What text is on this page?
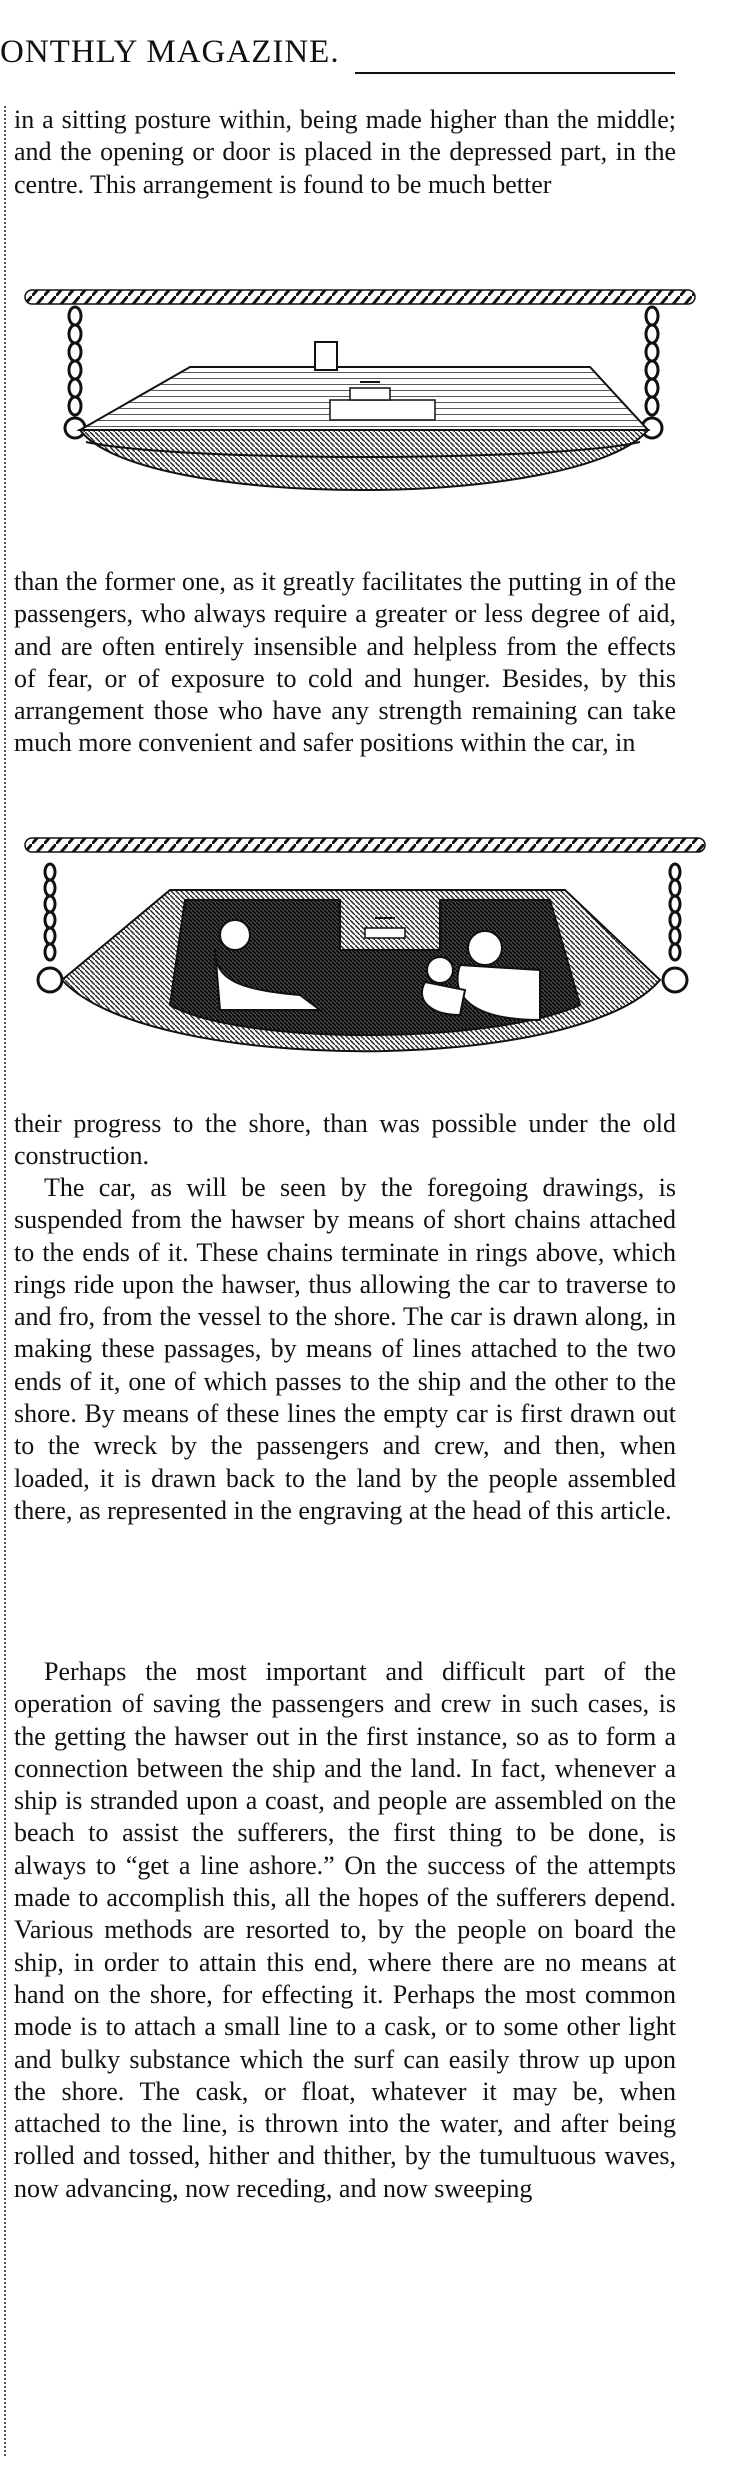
ONTHLY MAGAZINE.

in a sitting posture within, being made higher than the middle; and the opening or door is placed in the depressed part, in the centre. This arrangement is found to be much better

than the former one, as it greatly facilitates the putting in of the passengers, who always require a greater or less degree of aid, and are often entirely insensible and helpless from the effects of fear, or of exposure to cold and hunger. Besides, by this arrangement those who have any strength remaining can take much more convenient and safer positions within the car, in

their progress to the shore, than was possible under the old construction.

The car, as will be seen by the foregoing drawings, is suspended from the hawser by means of short chains attached to the ends of it. These chains terminate in rings above, which rings ride upon the hawser, thus allowing the car to traverse to and fro, from the vessel to the shore. The car is drawn along, in making these passages, by means of lines attached to the two ends of it, one of which passes to the ship and the other to the shore. By means of these lines the empty car is first drawn out to the wreck by the passengers and crew, and then, when loaded, it is drawn back to the land by the people assembled there, as represented in the engraving at the head of this article.

Perhaps the most important and difficult part of the operation of saving the passengers and crew in such cases, is the getting the hawser out in the first instance, so as to form a connection between the ship and the land. In fact, whenever a ship is stranded upon a coast, and people are assembled on the beach to assist the sufferers, the first thing to be done, is always to “get a line ashore.” On the success of the attempts made to accomplish this, all the hopes of the sufferers depend. Various methods are resorted to, by the people on board the ship, in order to attain this end, where there are no means at hand on the shore, for effecting it. Perhaps the most common mode is to attach a small line to a cask, or to some other light and bulky substance which the surf can easily throw up upon the shore. The cask, or float, whatever it may be, when attached to the line, is thrown into the water, and after being rolled and tossed, hither and thither, by the tumultuous waves, now advancing, now receding, and now sweeping
